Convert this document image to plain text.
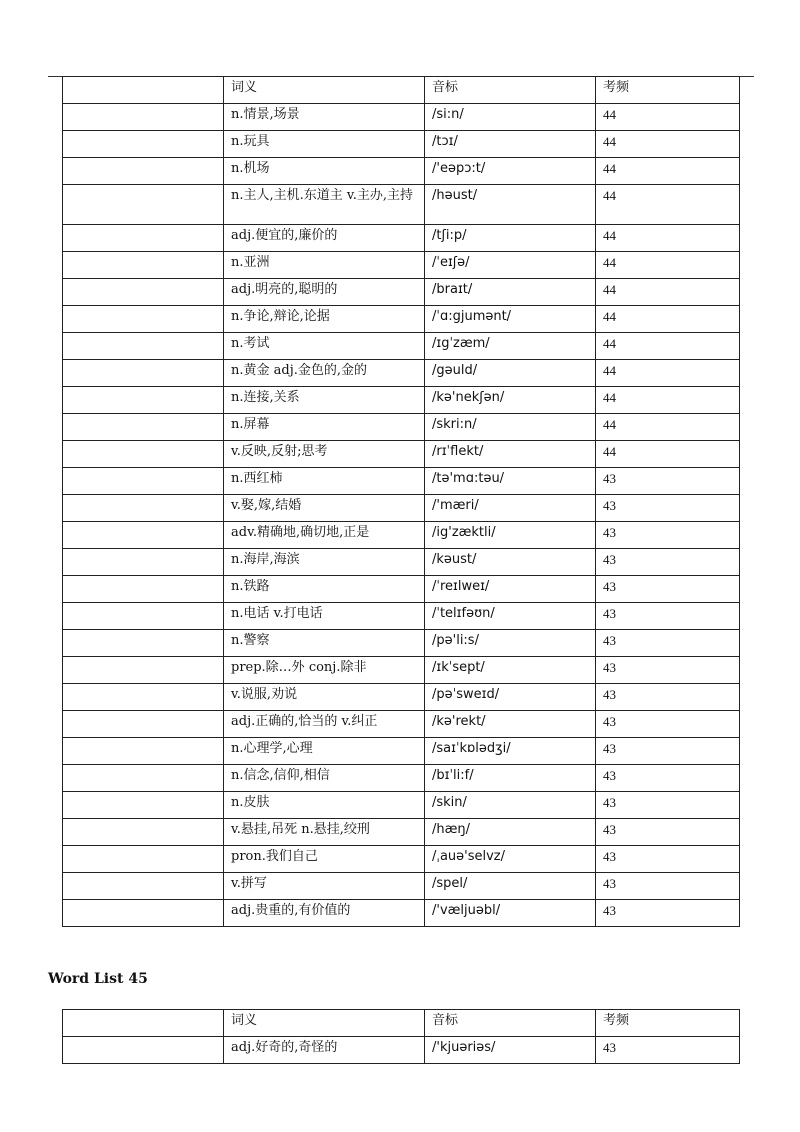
	词义	音标	考频
	n.情景,场景	/si:n/	44
	n.玩具	/tɔɪ/	44
	n.机场	/'eəpɔ:t/	44
	n.主人,主机.东道主 v.主办,主持	/həust/	44
	adj.便宜的,廉价的	/tʃi:p/	44
	n.亚洲	/ˈeɪʃə/	44
	adj.明亮的,聪明的	/braɪt/	44
	n.争论,辩论,论据	/ˈɑ:gjumənt/	44
	n.考试	/ɪgˈzæm/	44
	n.黄金 adj.金色的,金的	/gəuld/	44
	n.连接,关系	/kə'nekʃən/	44
	n.屏幕	/skri:n/	44
	v.反映,反射;思考	/rɪˈflekt/	44
	n.西红柿	/tə'mɑ:təu/	43
	v.娶,嫁,结婚	/'mæri/	43
	adv.精确地,确切地,正是	/ig'zæktli/	43
	n.海岸,海滨	/kəust/	43
	n.铁路	/ˈreɪlweɪ/	43
	n.电话 v.打电话	/ˈtelɪfəʊn/	43
	n.警察	/pə'li:s/	43
	prep.除…外 conj.除非	/ɪkˈsept/	43
	v.说服,劝说	/pəˈsweɪd/	43
	adj.正确的,恰当的 v.纠正	/kə'rekt/	43
	n.心理学,心理	/saɪˈkɒlədʒi/	43
	n.信念,信仰,相信	/bɪˈli:f/	43
	n.皮肤	/skin/	43
	v.悬挂,吊死 n.悬挂,绞刑	/hæŋ/	43
	pron.我们自己	/ˌauə'selvz/	43
	v.拼写	/spel/	43
	adj.贵重的,有价值的	/'væljuəbl/	43
Word List 45
	词义	音标	考频
	adj.好奇的,奇怪的	/'kjuəriəs/	43
